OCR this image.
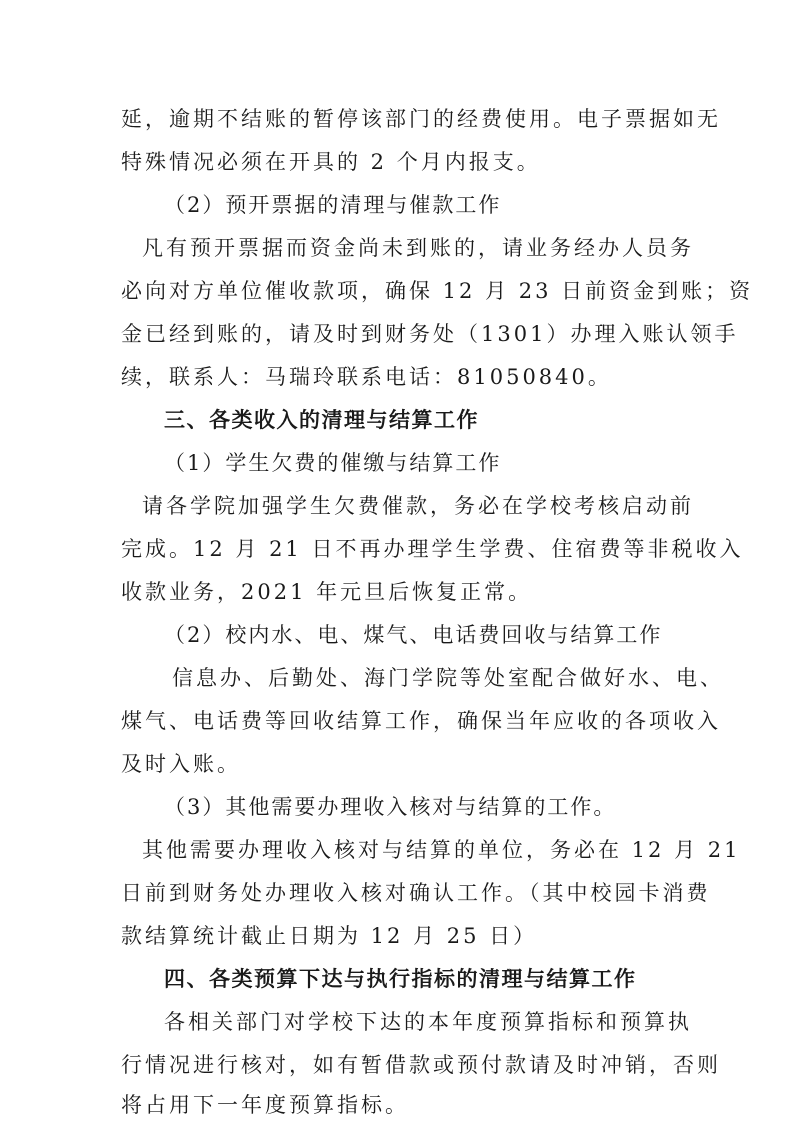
延，逾期不结账的暂停该部门的经费使用。电子票据如无
特殊情况必须在开具的 2 个月内报支。
（2）预开票据的清理与催款工作
凡有预开票据而资金尚未到账的，请业务经办人员务
必向对方单位催收款项，确保 12 月 23 日前资金到账；资
金已经到账的，请及时到财务处（1301）办理入账认领手
续，联系人：马瑞玲联系电话：81050840。
三、各类收入的清理与结算工作
（1）学生欠费的催缴与结算工作
请各学院加强学生欠费催款，务必在学校考核启动前
完成。12 月 21 日不再办理学生学费、住宿费等非税收入
收款业务，2021 年元旦后恢复正常。
（2）校内水、电、煤气、电话费回收与结算工作
信息办、后勤处、海门学院等处室配合做好水、电、
煤气、电话费等回收结算工作，确保当年应收的各项收入
及时入账。
（3）其他需要办理收入核对与结算的工作。
其他需要办理收入核对与结算的单位，务必在 12 月 21
日前到财务处办理收入核对确认工作。（其中校园卡消费
款结算统计截止日期为 12 月 25 日）
四、各类预算下达与执行指标的清理与结算工作
各相关部门对学校下达的本年度预算指标和预算执
行情况进行核对，如有暂借款或预付款请及时冲销，否则
将占用下一年度预算指标。
